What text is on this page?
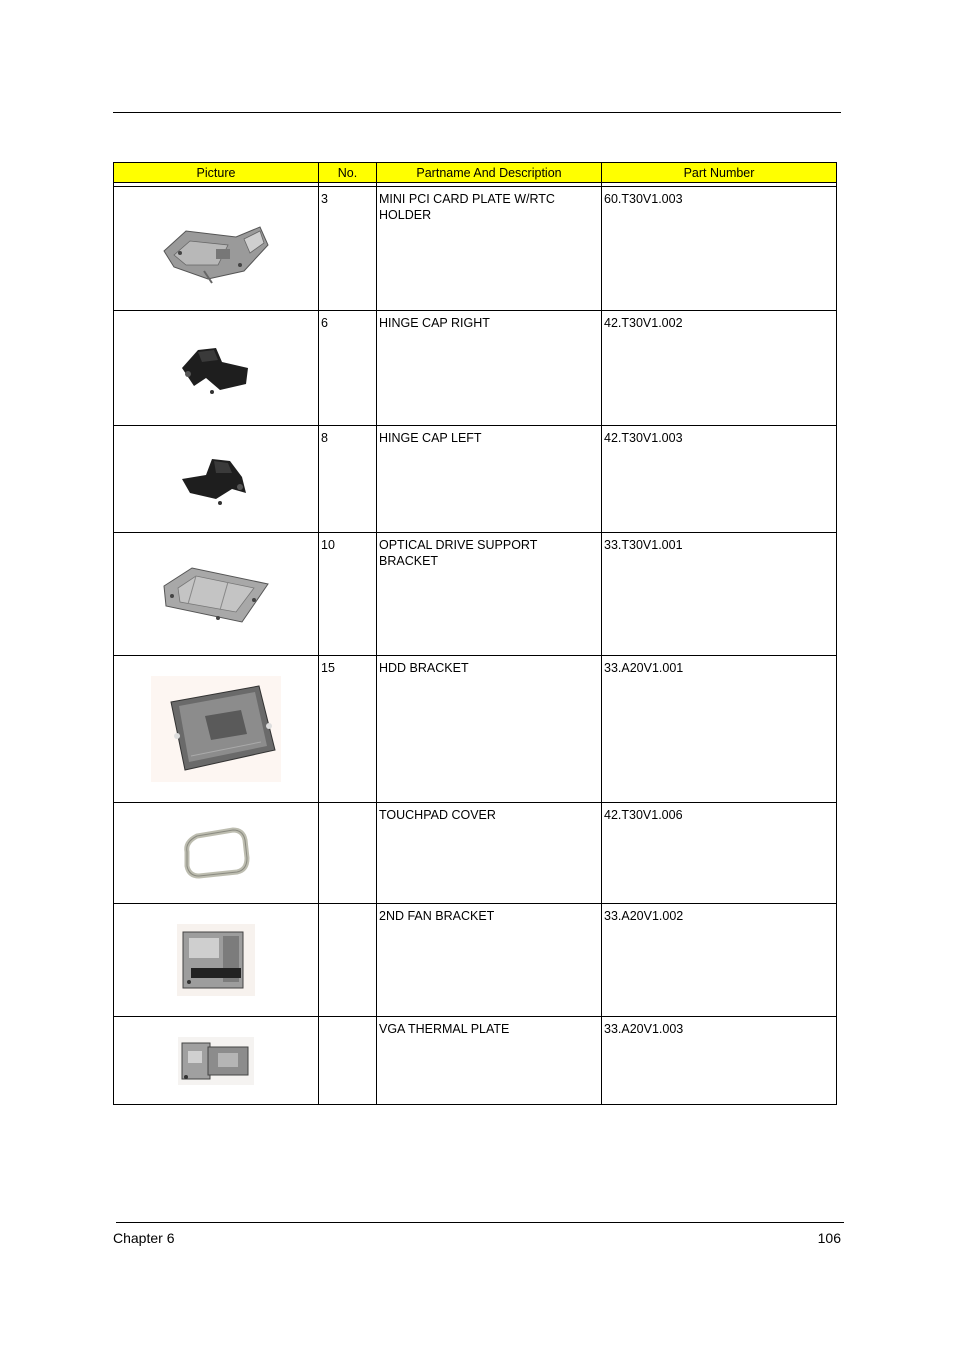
Picture	No.	Partname And Description	Part Number

	3	MINI PCI CARD PLATE W/RTC HOLDER	60.T30V1.003

	6	HINGE CAP RIGHT	42.T30V1.002

	8	HINGE CAP LEFT	42.T30V1.003

	10	OPTICAL DRIVE SUPPORT BRACKET	33.T30V1.001

	15	HDD BRACKET	33.A20V1.001

		TOUCHPAD COVER	42.T30V1.006

		2ND FAN BRACKET	33.A20V1.002

		VGA THERMAL PLATE	33.A20V1.003
Chapter 6	106
